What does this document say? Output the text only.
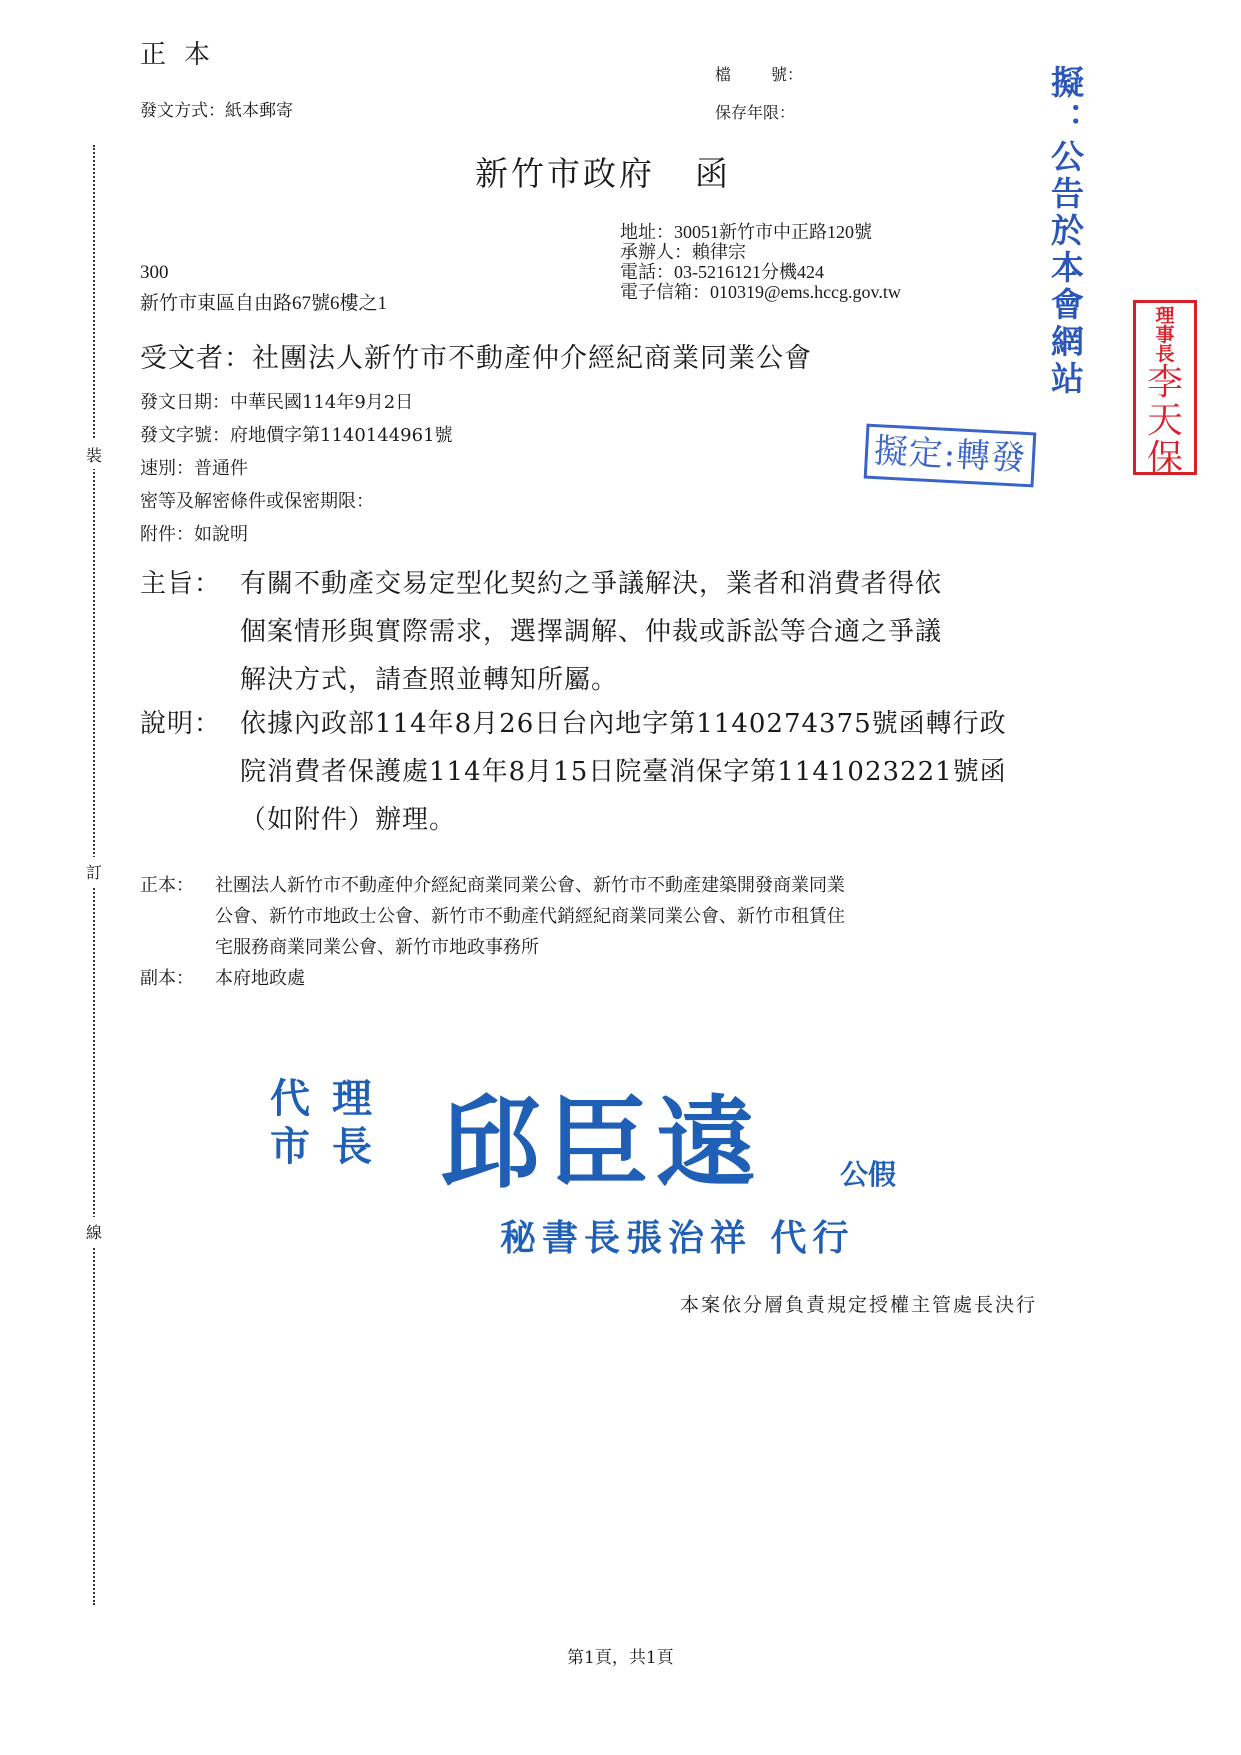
裝
訂
線
正本
發文方式：紙本郵寄
檔	號：
保存年限：
新竹市政府 函
地址：30051新竹市中正路120號
承辦人：賴律宗
電話：03-5216121分機424
電子信箱：010319@ems.hccg.gov.tw
300
新竹市東區自由路67號6樓之1
受文者：社團法人新竹市不動產仲介經紀商業同業公會
發文日期：中華民國114年9月2日
發文字號：府地價字第1140144961號
速別：普通件
密等及解密條件或保密期限：
附件：如說明
主旨： 有關不動產交易定型化契約之爭議解決，業者和消費者得依
個案情形與實際需求，選擇調解、仲裁或訴訟等合適之爭議
解決方式，請查照並轉知所屬。
說明： 依據內政部114年8月26日台內地字第1140274375號函轉行政
院消費者保護處114年8月15日院臺消保字第1141023221號函
（如附件）辦理。
正本：	社團法人新竹市不動產仲介經紀商業同業公會、新竹市不動產建築開發商業同業
公會、新竹市地政士公會、新竹市不動產代銷經紀商業同業公會、新竹市租賃住
宅服務商業同業公會、新竹市地政事務所
副本：	本府地政處
擬：公告於本會網站	理
事
長
李
天
保
擬定:轉發
代理
市長 邱臣遠	公假
秘書長張治祥 代行
本案依分層負責規定授權主管處長決行
第1頁，共1頁
